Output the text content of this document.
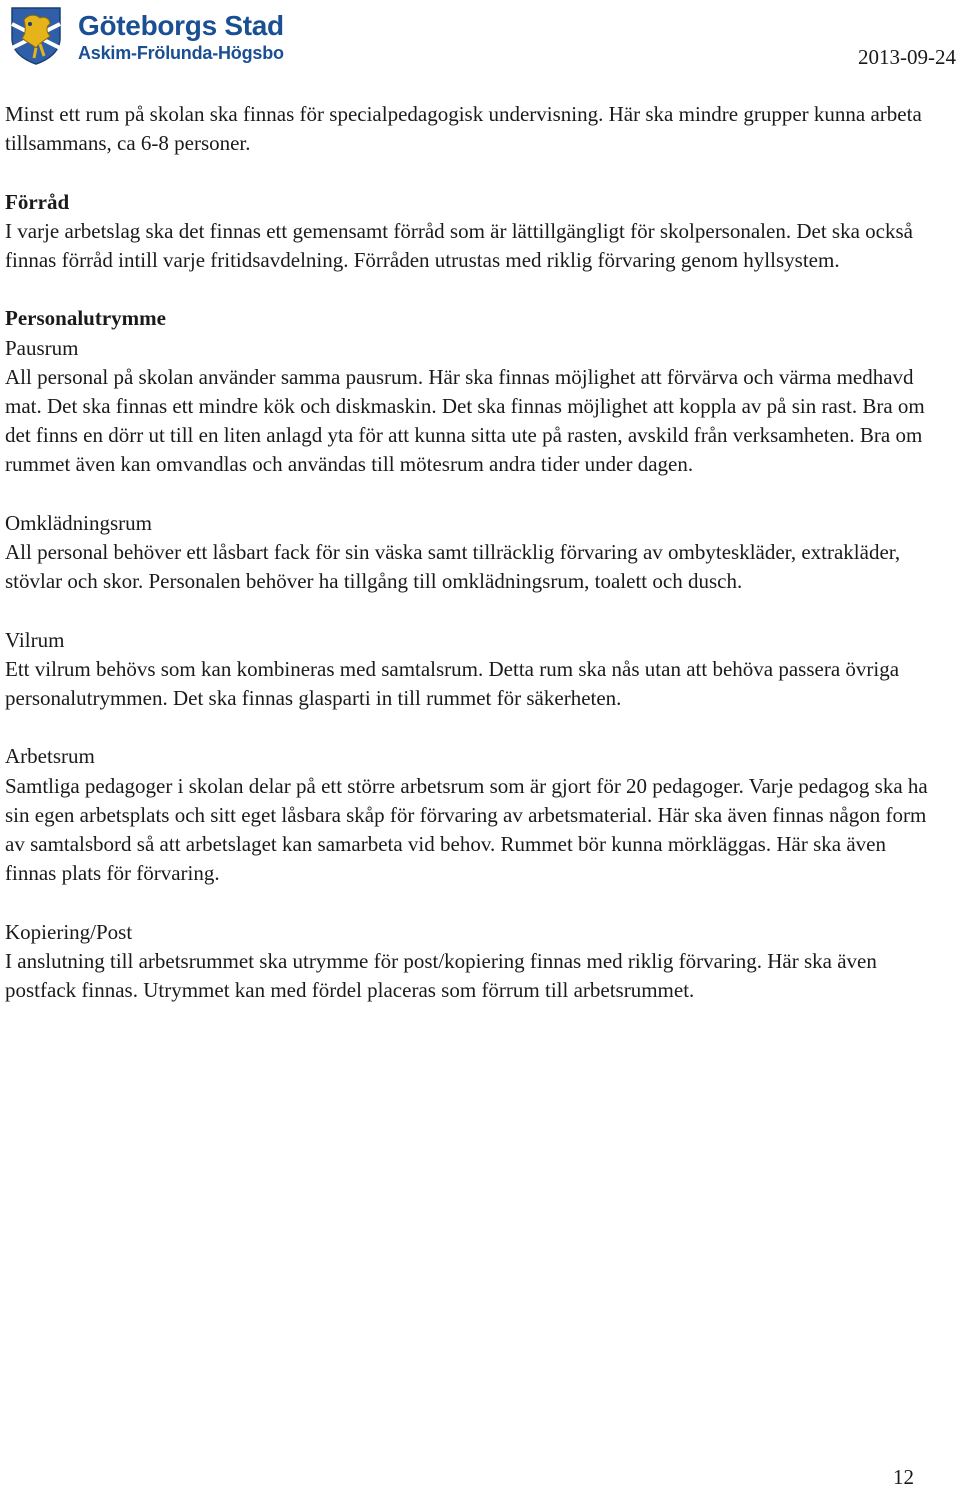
Göteborgs Stad
Askim-Frölunda-Högsbo	2013-09-24

Minst ett rum på skolan ska finnas för specialpedagogisk undervisning. Här ska mindre grupper kunna arbeta tillsammans, ca 6-8 personer.

Förråd
I varje arbetslag ska det finnas ett gemensamt förråd som är lättillgängligt för skolpersonalen. Det ska också finnas förråd intill varje fritidsavdelning. Förråden utrustas med riklig förvaring genom hyllsystem.

Personalutrymme
Pausrum
All personal på skolan använder samma pausrum. Här ska finnas möjlighet att förvärva och värma medhavd mat. Det ska finnas ett mindre kök och diskmaskin. Det ska finnas möjlighet att koppla av på sin rast. Bra om det finns en dörr ut till en liten anlagd yta för att kunna sitta ute på rasten, avskild från verksamheten. Bra om rummet även kan omvandlas och användas till mötesrum andra tider under dagen.

Omklädningsrum
All personal behöver ett låsbart fack för sin väska samt tillräcklig förvaring av ombyteskläder, extrakläder, stövlar och skor. Personalen behöver ha tillgång till omklädningsrum, toalett och dusch.

Vilrum
Ett vilrum behövs som kan kombineras med samtalsrum. Detta rum ska nås utan att behöva passera övriga personalutrymmen. Det ska finnas glasparti in till rummet för säkerheten.

Arbetsrum
Samtliga pedagoger i skolan delar på ett större arbetsrum som är gjort för 20 pedagoger. Varje pedagog ska ha sin egen arbetsplats och sitt eget låsbara skåp för förvaring av arbetsmaterial. Här ska även finnas någon form av samtalsbord så att arbetslaget kan samarbeta vid behov. Rummet bör kunna mörkläggas. Här ska även finnas plats för förvaring.

Kopiering/Post
I anslutning till arbetsrummet ska utrymme för post/kopiering finnas med riklig förvaring. Här ska även postfack finnas. Utrymmet kan med fördel placeras som förrum till arbetsrummet.

12
